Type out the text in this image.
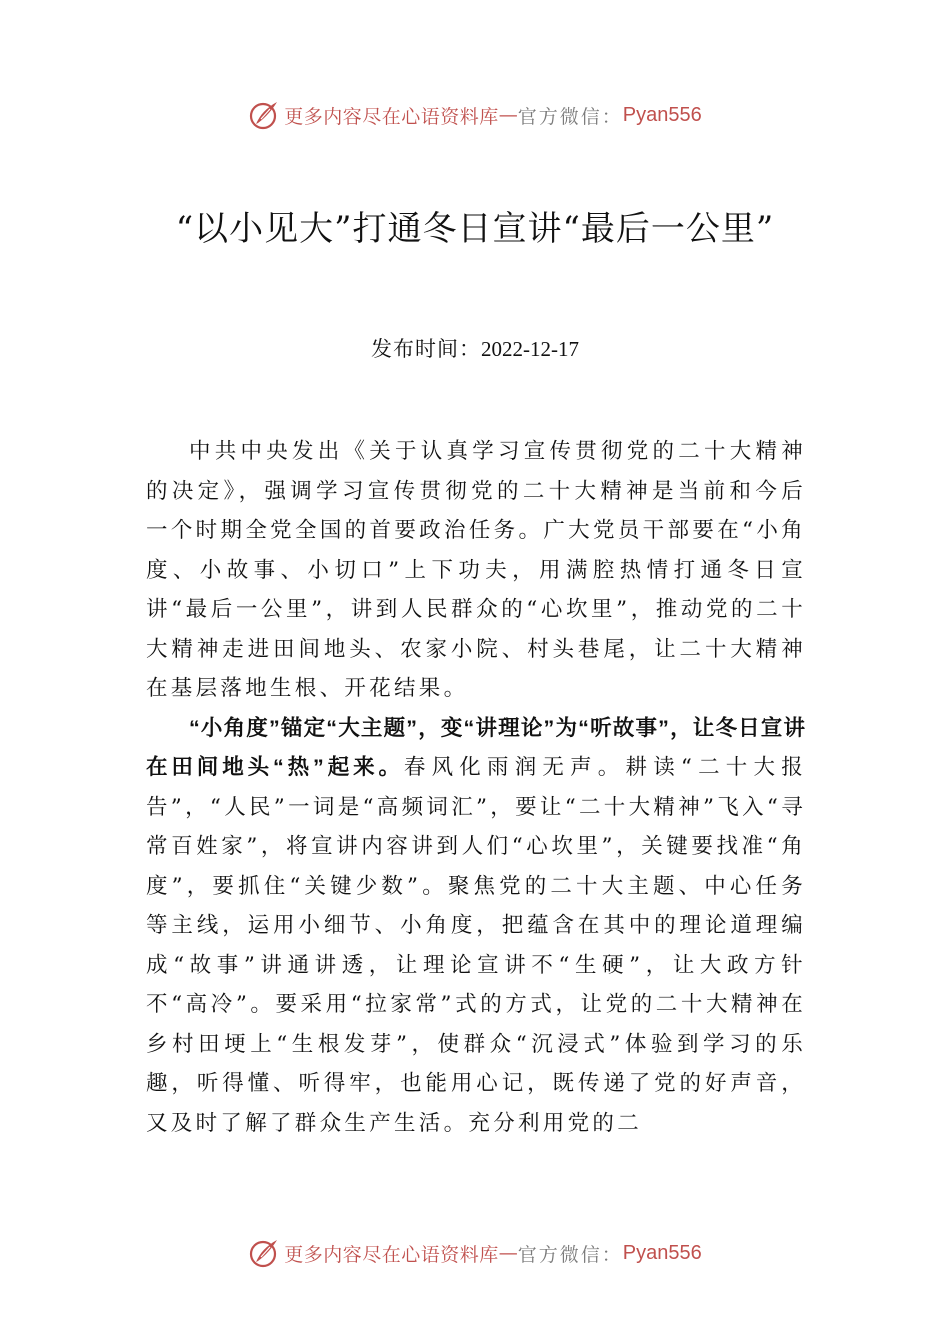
更多内容尽在心语资料库 — 官方微信： Pyan556
“以小见大”打通冬日宣讲“最后一公里”
发布时间：2022-12-17

中共中央发出《关于认真学习宣传贯彻党的二十大精神的决定》，强调学习宣传贯彻党的二十大精神是当前和今后 一个时期全党全国的首要政治任务。广大党员干部要在“小角度、小故事、小切口”上下功夫，用满腔热情打通冬日宣讲“最后一公里”，讲到人民群众的“心坎里”，推动党的二十大精神走进田间地头、农家小院、村头巷尾，让二十大精神在基层落地生根、开花结果。

“小角度”锚定“大主题”，变“讲理论”为“听故事”，让冬日宣讲在田间地头“热”起来。春风化雨润无声。耕读“二十大报告”，“人民”一词是“高频词汇”，要让“二十大精神”飞入“寻常百姓家”，将宣讲内容讲到人们“心坎里”，关键要找准“角度”，要抓住“关键少数”。聚焦党的二十大主题、中心任务等主线，运用小细节、小角度，把蕴含在其中的理论道理编成“故事”讲通讲透，让理论宣讲不“生硬”，让大政方针不“高冷”。要采用“拉家常”式的方式，让党的二十大精神在乡村田埂上“生根发芽”，使群众“沉浸式”体验到学习的乐趣，听得懂、听得牢，也能用心记，既传递了党的好声音，又及时了解了群众生产生活。充分利用党的二

更多内容尽在心语资料库 — 官方微信： Pyan556
